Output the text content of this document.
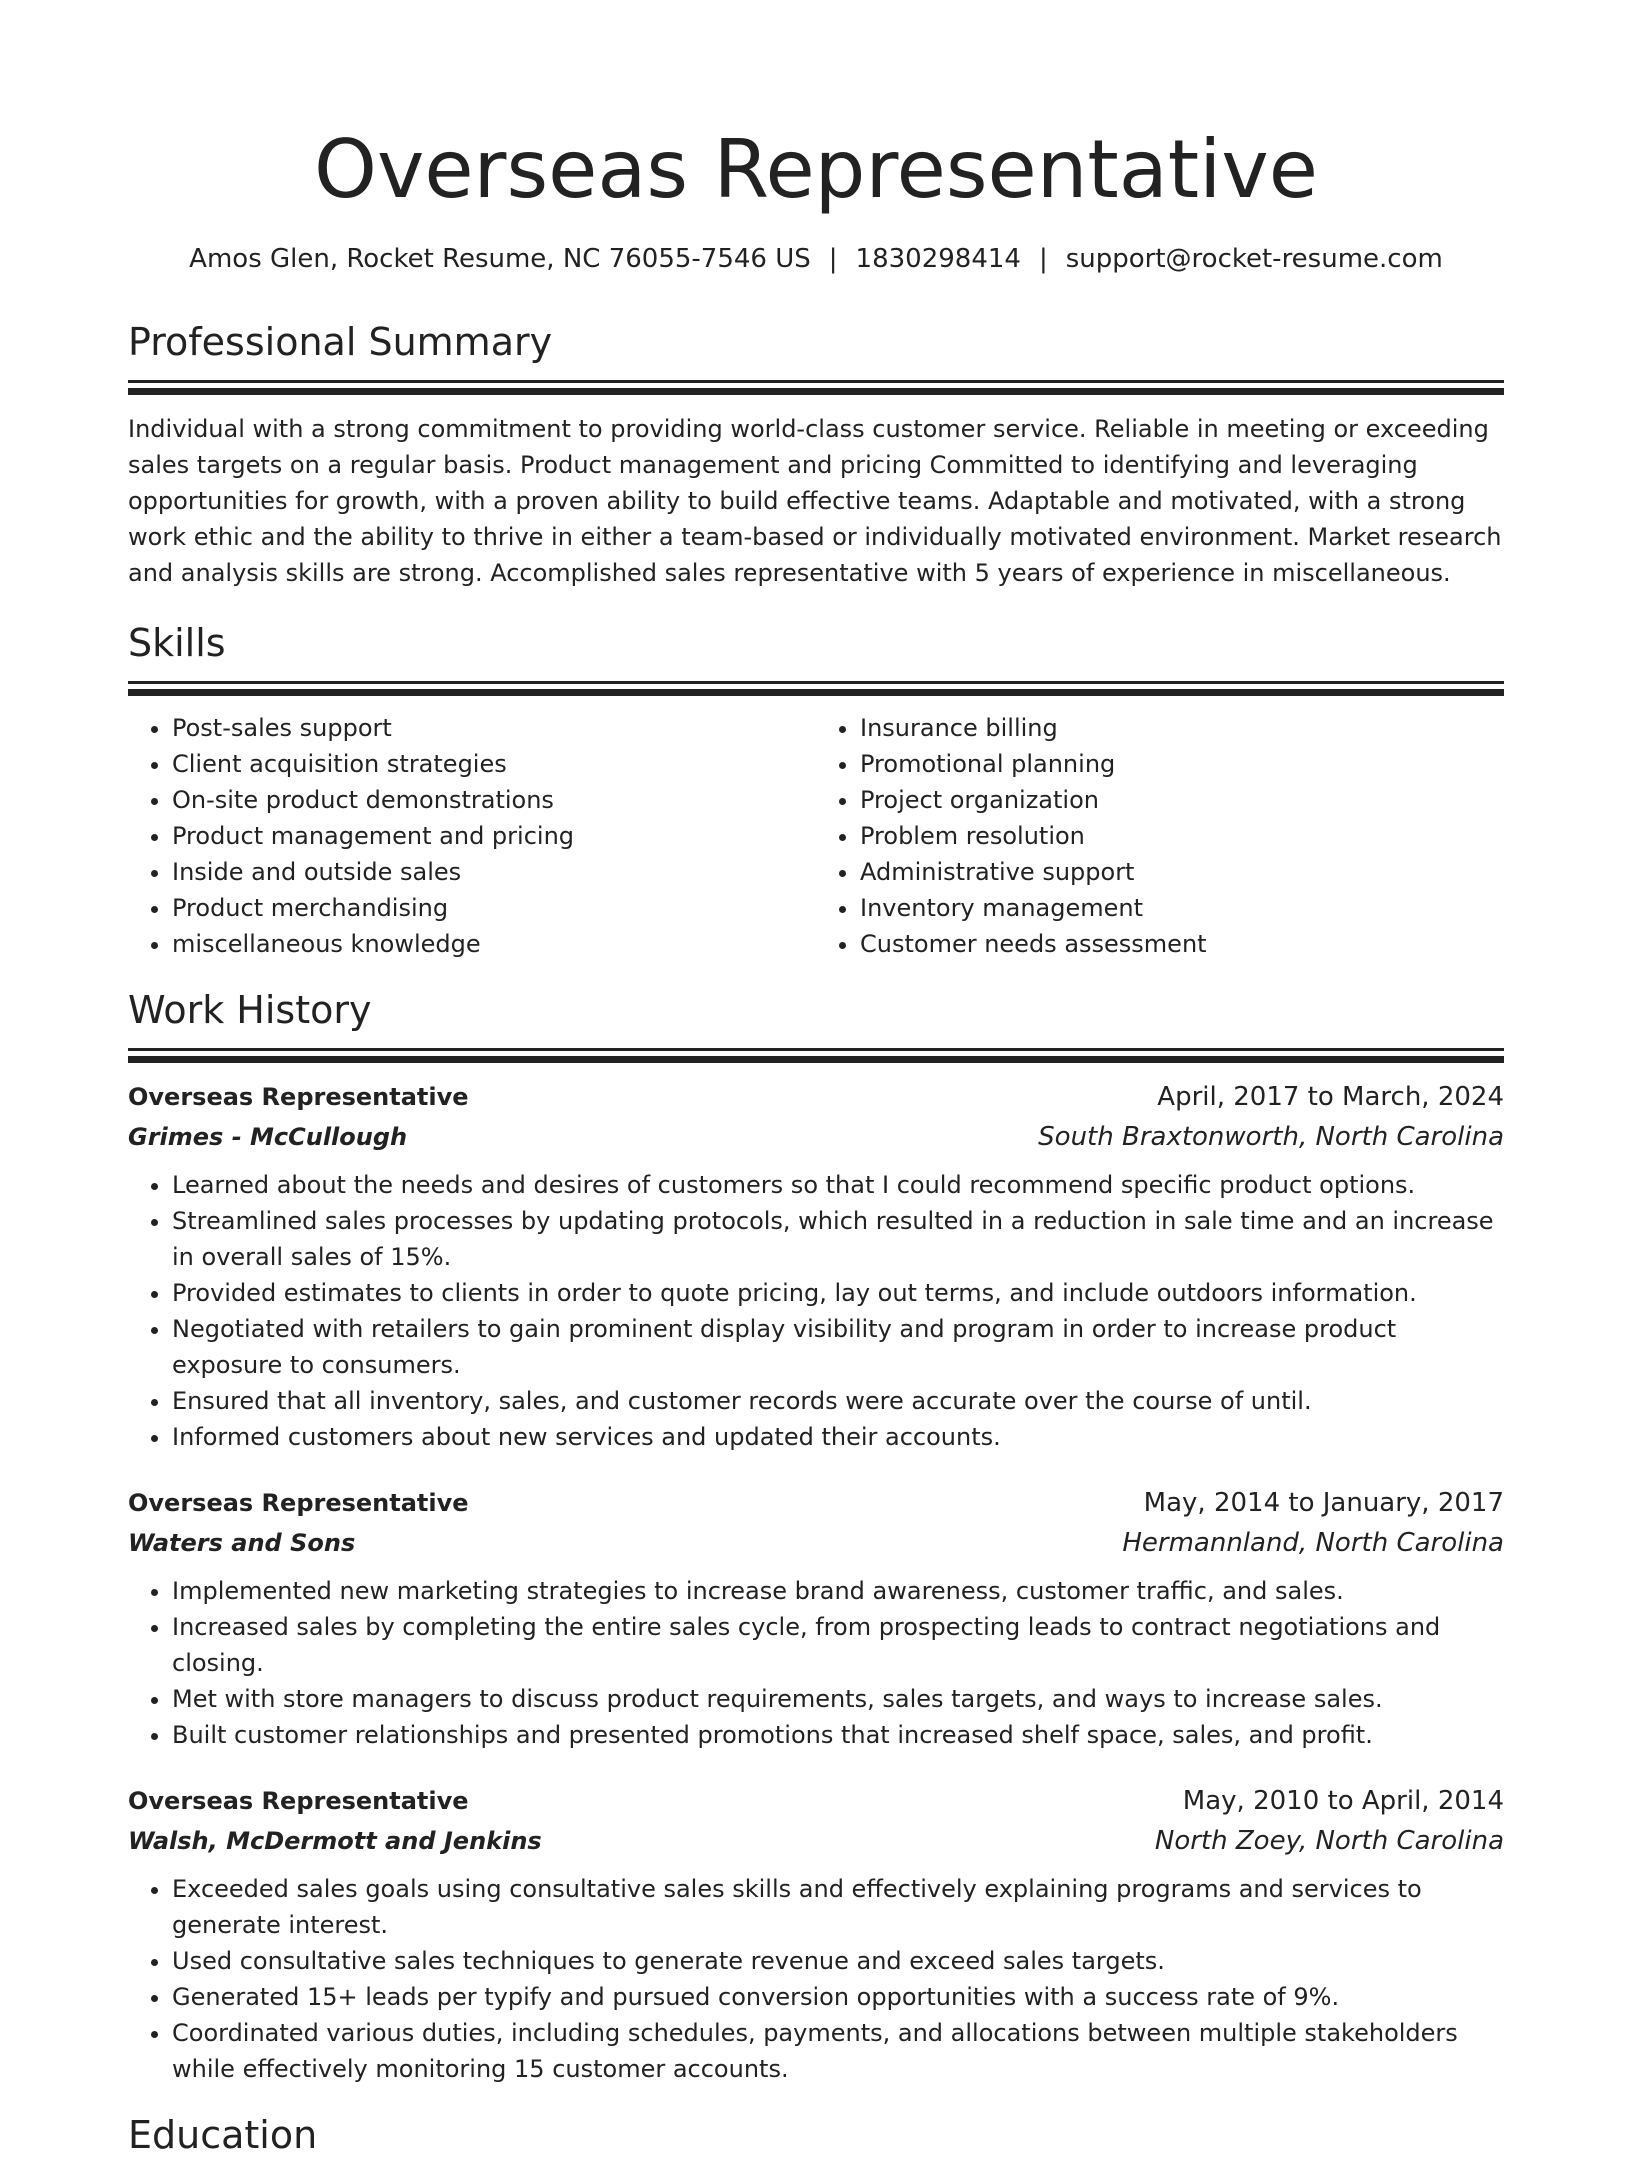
Overseas Representative
Amos Glen, Rocket Resume, NC 76055-7546 US | 1830298414 | support@rocket-resume.com
Professional Summary

Individual with a strong commitment to providing world-class customer service. Reliable in meeting or exceeding sales targets on a regular basis. Product management and pricing Committed to identifying and leveraging opportunities for growth, with a proven ability to build effective teams. Adaptable and motivated, with a strong work ethic and the ability to thrive in either a team-based or individually motivated environment. Market research and analysis skills are strong. Accomplished sales representative with 5 years of experience in miscellaneous.

Skills
• Post-sales support
• Client acquisition strategies
• On-site product demonstrations
• Product management and pricing
• Inside and outside sales
• Product merchandising
• miscellaneous knowledge
• Insurance billing
• Promotional planning
• Project organization
• Problem resolution
• Administrative support
• Inventory management
• Customer needs assessment
Work History
Overseas Representative	April, 2017 to March, 2024
Grimes - McCullough	South Braxtonworth, North Carolina
• Learned about the needs and desires of customers so that I could recommend specific product options.
• Streamlined sales processes by updating protocols, which resulted in a reduction in sale time and an increase in overall sales of 15%.
• Provided estimates to clients in order to quote pricing, lay out terms, and include outdoors information.
• Negotiated with retailers to gain prominent display visibility and program in order to increase product exposure to consumers.
• Ensured that all inventory, sales, and customer records were accurate over the course of until.
• Informed customers about new services and updated their accounts.
Overseas Representative	May, 2014 to January, 2017
Waters and Sons	Hermannland, North Carolina
• Implemented new marketing strategies to increase brand awareness, customer traffic, and sales.
• Increased sales by completing the entire sales cycle, from prospecting leads to contract negotiations and closing.
• Met with store managers to discuss product requirements, sales targets, and ways to increase sales.
• Built customer relationships and presented promotions that increased shelf space, sales, and profit.
Overseas Representative	May, 2010 to April, 2014
Walsh, McDermott and Jenkins	North Zoey, North Carolina
• Exceeded sales goals using consultative sales skills and effectively explaining programs and services to generate interest.
• Used consultative sales techniques to generate revenue and exceed sales targets.
• Generated 15+ leads per typify and pursued conversion opportunities with a success rate of 9%.
• Coordinated various duties, including schedules, payments, and allocations between multiple stakeholders while effectively monitoring 15 customer accounts.
Education
